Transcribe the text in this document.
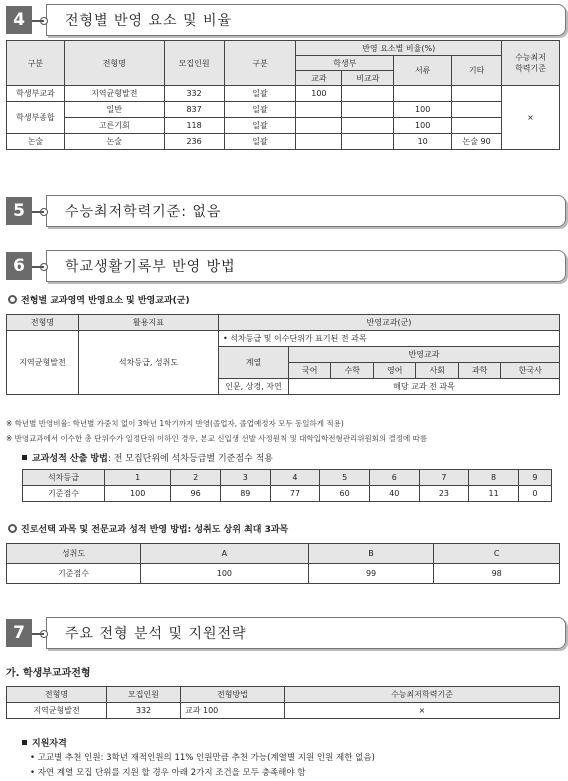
4	전형별 반영 요소 및 비율
구분	전형명	모집인원	구분	반영 요소별 비율(%)				수능최저
학력기준
				학생부		서류	기타	
				교과	비교과			
학생부교과	지역균형발전	332	일괄	100				×
학생부종합	일반	837	일괄			100		
	고른기회	118	일괄			100		
논술	논술	236	일괄			10	논술 90	
5	수능최저학력기준: 없음
6	학교생활기록부 반영 방법
전형별 교과영역 반영요소 및 반영교과(군)
전형명	활용지표	반영교과(군)						
지역균형발전	석차등급, 성취도	• 석차등급 및 이수단위가 표기된 전 과목						
		계열	반영교과					
			국어	수학	영어	사회	과학	한국사
		인문, 상경, 자연	해당 교과 전 과목					
※ 학년별 반영비율: 학년별 가중치 없이 3학년 1학기까지 반영(졸업자, 졸업예정자 모두 동일하게 적용)
※ 반영교과에서 이수한 총 단위수가 일정단위 이하인 경우, 본교 신입생 선발 사정원칙 및 대학입학전형관리위원회의 결정에 따름
교과성적 산출 방법 : 전 모집단위에 석차등급별 기준점수 적용
석차등급	1	2	3	4	5	6	7	8	9
기준점수	100	96	89	77	60	40	23	11	0
진로선택 과목 및 전문교과 성적 반영 방법: 성취도 상위 최대 3과목
성취도	A	B	C
기준점수	100	99	98
7	주요 전형 분석 및 지원전략
가. 학생부교과전형
전형명	모집인원	전형방법	수능최저학력기준
지역균형발전	332	교과 100	×
지원자격
• 고교별 추천 인원: 3학년 재적인원의 11% 인원만큼 추천 가능(계열별 지원 인원 제한 없음)
• 자연 계열 모집 단위를 지원 할 경우 아래 2가지 조건을 모두 충족해야 함
